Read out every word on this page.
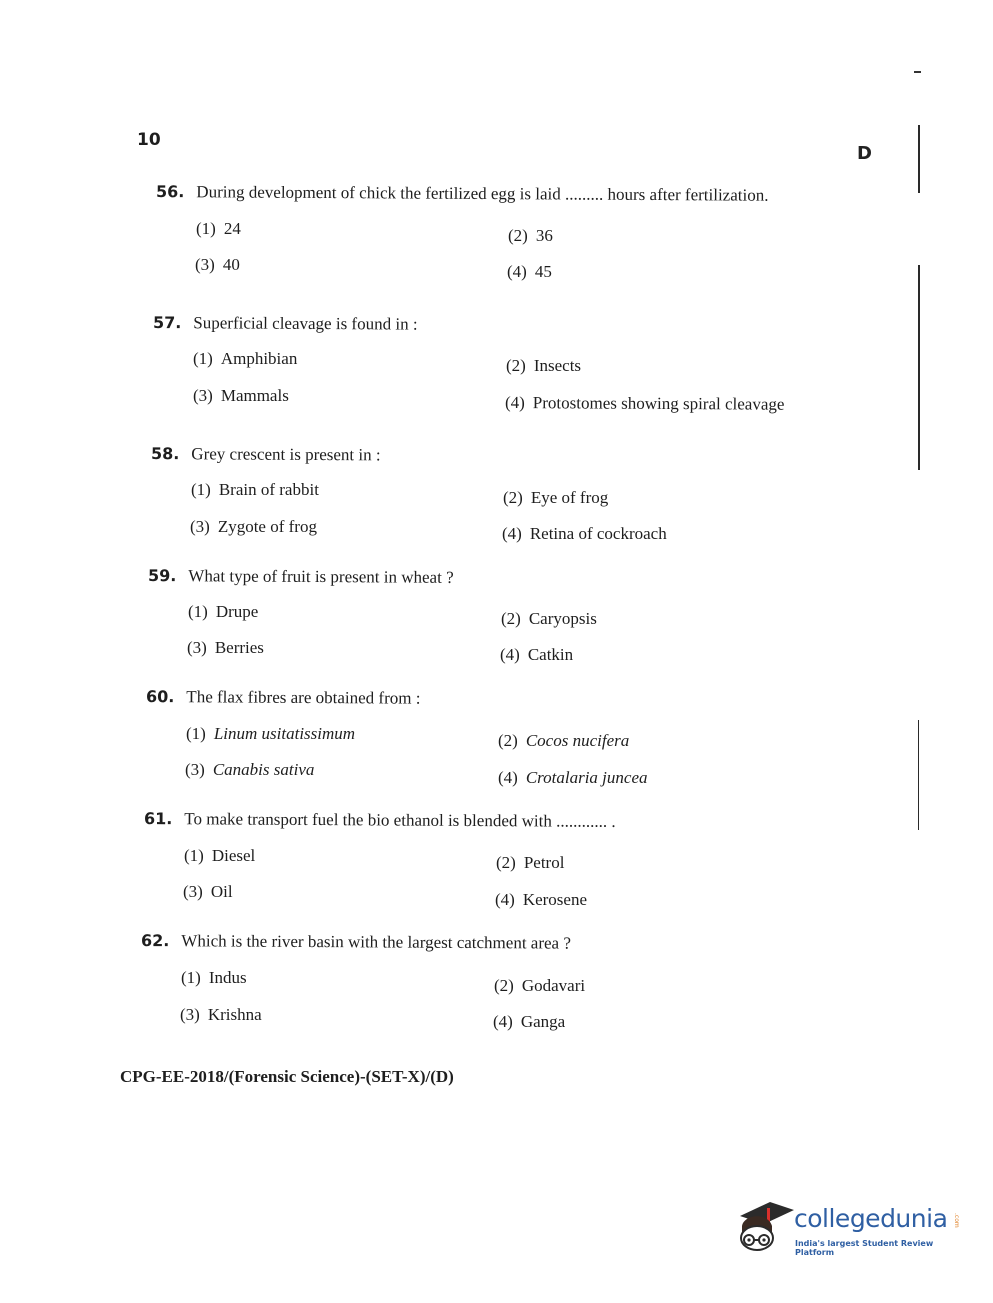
10
D
56. During development of chick the fertilized egg is laid ......... hours after fertilization.
(1) 24	(2) 36
(3) 40	(4) 45
57. Superficial cleavage is found in :
(1) Amphibian	(2) Insects
(3) Mammals	(4) Protostomes showing spiral cleavage
58. Grey crescent is present in :
(1) Brain of rabbit	(2) Eye of frog
(3) Zygote of frog	(4) Retina of cockroach
59. What type of fruit is present in wheat ?
(1) Drupe	(2) Caryopsis
(3) Berries	(4) Catkin
60. The flax fibres are obtained from :
(1) Linum usitatissimum	(2) Cocos nucifera
(3) Canabis sativa	(4) Crotalaria juncea
61. To make transport fuel the bio ethanol is blended with ............ .
(1) Diesel	(2) Petrol
(3) Oil	(4) Kerosene
62. Which is the river basin with the largest catchment area ?
(1) Indus	(2) Godavari
(3) Krishna	(4) Ganga
CPG-EE-2018/(Forensic Science)-(SET-X)/(D)
collegedunia .com
India's largest Student Review Platform
